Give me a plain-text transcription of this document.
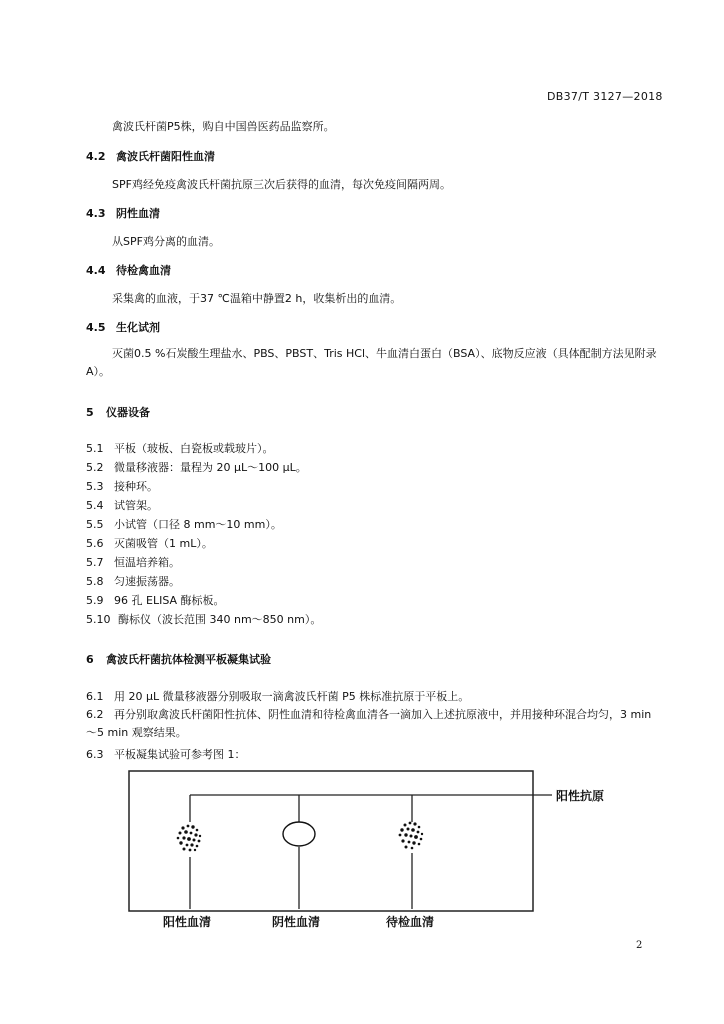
DB37/T 3127—2018
禽波氏杆菌P5株，购自中国兽医药品监察所。
4.2 禽波氏杆菌阳性血清
SPF鸡经免疫禽波氏杆菌抗原三次后获得的血清，每次免疫间隔两周。
4.3 阴性血清
从SPF鸡分离的血清。
4.4 待检禽血清
采集禽的血液，于37 ℃温箱中静置2 h，收集析出的血清。
4.5 生化试剂
灭菌0.5 %石炭酸生理盐水、PBS、PBST、Tris HCl、牛血清白蛋白（BSA）、底物反应液（具体配制方法见附录A）。
5 仪器设备
5.1 平板（玻板、白瓷板或载玻片）。
5.2 微量移液器：量程为 20 μL～100 μL。
5.3 接种环。
5.4 试管架。
5.5 小试管（口径 8 mm～10 mm）。
5.6 灭菌吸管（1 mL）。
5.7 恒温培养箱。
5.8 匀速振荡器。
5.9 96 孔 ELISA 酶标板。
5.10 酶标仪（波长范围 340 nm～850 nm）。
6 禽波氏杆菌抗体检测平板凝集试验
6.1 用 20 μL 微量移液器分别吸取一滴禽波氏杆菌 P5 株标准抗原于平板上。
6.2 再分别取禽波氏杆菌阳性抗体、阴性血清和待检禽血清各一滴加入上述抗原液中，并用接种环混合均匀，3 min～5 min 观察结果。
6.3 平板凝集试验可参考图 1：
阳性抗原
阳性血清	阴性血清	待检血清
2
